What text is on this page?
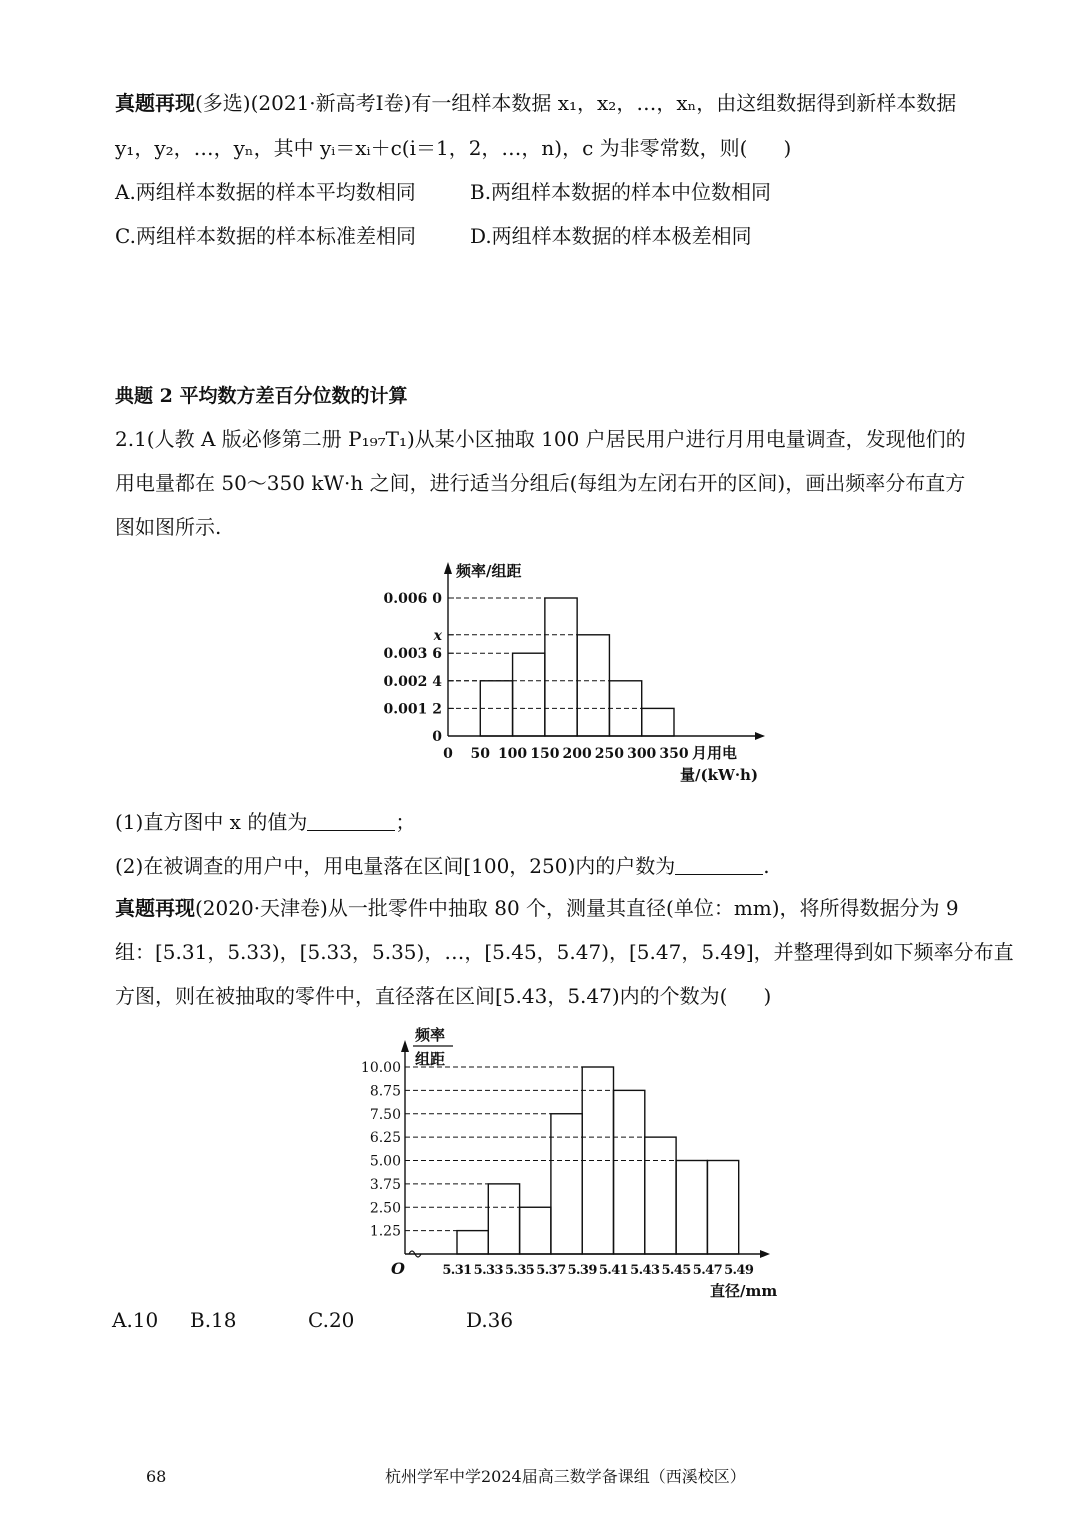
真题再现(多选)(2021·新高考Ⅰ卷)有一组样本数据 x₁，x₂，…，xₙ，由这组数据得到新样本数据
y₁，y₂，…，yₙ，其中 yᵢ＝xᵢ＋c(i＝1，2，…，n)，c 为非零常数，则( )
A.两组样本数据的样本平均数相同	B.两组样本数据的样本中位数相同
C.两组样本数据的样本标准差相同	D.两组样本数据的样本极差相同
典题 2 平均数方差百分位数的计算
2.1(人教 A 版必修第二册 P₁₉₇T₁)从某小区抽取 100 户居民用户进行月用电量调查，发现他们的
用电量都在 50～350 kW·h 之间，进行适当分组后(每组为左闭右开的区间)，画出频率分布直方
图如图所示.
频率/组距
0
0.001 2
0.002 4
0.003 6
x
0.006 0
0 50 100 150 200 250 300 350 月用电
量/(kW·h)
(1)直方图中 x 的值为	；
(2)在被调查的用户中，用电量落在区间[100，250)内的户数为	.
真题再现(2020·天津卷)从一批零件中抽取 80 个，测量其直径(单位：mm)，将所得数据分为 9
组：[5.31，5.33)，[5.33，5.35)，…，[5.45，5.47)，[5.47，5.49]，并整理得到如下频率分布直
方图，则在被抽取的零件中，直径落在区间[5.43，5.47)内的个数为( )
频率
组距
1.25
2.50
3.75
5.00
6.25
7.50
8.75
10.00
O	5.31 5.33 5.35 5.37 5.39 5.41 5.43 5.45 5.47 5.49
直径/mm
A.10 B.18	C.20	D.36
68	杭州学军中学2024届高三数学备课组（西溪校区）
